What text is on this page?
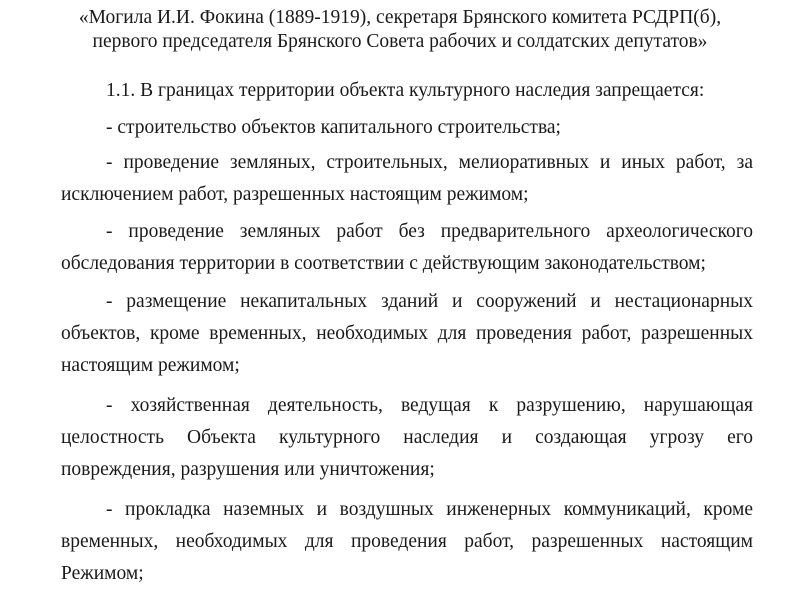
«Могила И.И. Фокина (1889-1919), секретаря Брянского комитета РСДРП(б),
первого председателя Брянского Совета рабочих и солдатских депутатов»
1.1. В границах территории объекта культурного наследия запрещается:
- строительство объектов капитального строительства;
- проведение земляных, строительных, мелиоративных и иных работ, за
исключением работ, разрешенных настоящим режимом;
- проведение земляных работ без предварительного археологического
обследования территории в соответствии с действующим законодательством;
- размещение некапитальных зданий и сооружений и нестационарных
объектов, кроме временных, необходимых для проведения работ, разрешенных
настоящим режимом;
- хозяйственная деятельность, ведущая к разрушению, нарушающая
целостность Объекта культурного наследия и создающая угрозу его
повреждения, разрушения или уничтожения;
- прокладка наземных и воздушных инженерных коммуникаций, кроме
временных, необходимых для проведения работ, разрешенных настоящим
Режимом;
